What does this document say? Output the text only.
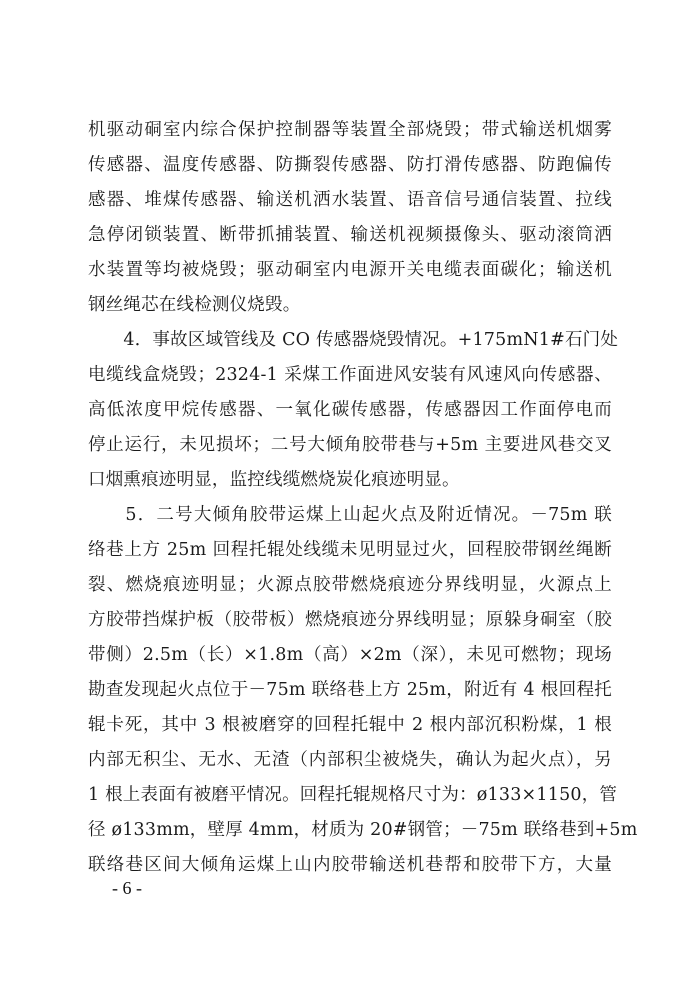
机驱动硐室内综合保护控制器等装置全部烧毁；带式输送机烟雾
传感器、温度传感器、防撕裂传感器、防打滑传感器、防跑偏传
感器、堆煤传感器、输送机洒水装置、语音信号通信装置、拉线
急停闭锁装置、断带抓捕装置、输送机视频摄像头、驱动滚筒洒
水装置等均被烧毁；驱动硐室内电源开关电缆表面碳化；输送机
钢丝绳芯在线检测仪烧毁。
　　4．事故区域管线及 CO 传感器烧毁情况。+175mN1#石门处
电缆线盒烧毁；2324-1 采煤工作面进风安装有风速风向传感器、
高低浓度甲烷传感器、一氧化碳传感器，传感器因工作面停电而
停止运行，未见损坏；二号大倾角胶带巷与+5m 主要进风巷交叉
口烟熏痕迹明显，监控线缆燃烧炭化痕迹明显。
　　5．二号大倾角胶带运煤上山起火点及附近情况。－75m 联
络巷上方 25m 回程托辊处线缆未见明显过火，回程胶带钢丝绳断
裂、燃烧痕迹明显；火源点胶带燃烧痕迹分界线明显，火源点上
方胶带挡煤护板（胶带板）燃烧痕迹分界线明显；原躲身硐室（胶
带侧）2.5m（长）×1.8m（高）×2m（深），未见可燃物；现场
勘查发现起火点位于－75m 联络巷上方 25m，附近有 4 根回程托
辊卡死，其中 3 根被磨穿的回程托辊中 2 根内部沉积粉煤，1 根
内部无积尘、无水、无渣（内部积尘被烧失，确认为起火点），另
1 根上表面有被磨平情况。回程托辊规格尺寸为：ø133×1150，管
径 ø133mm，壁厚 4mm，材质为 20#钢管；－75m 联络巷到+5m
联络巷区间大倾角运煤上山内胶带输送机巷帮和胶带下方，大量
- 6 -
